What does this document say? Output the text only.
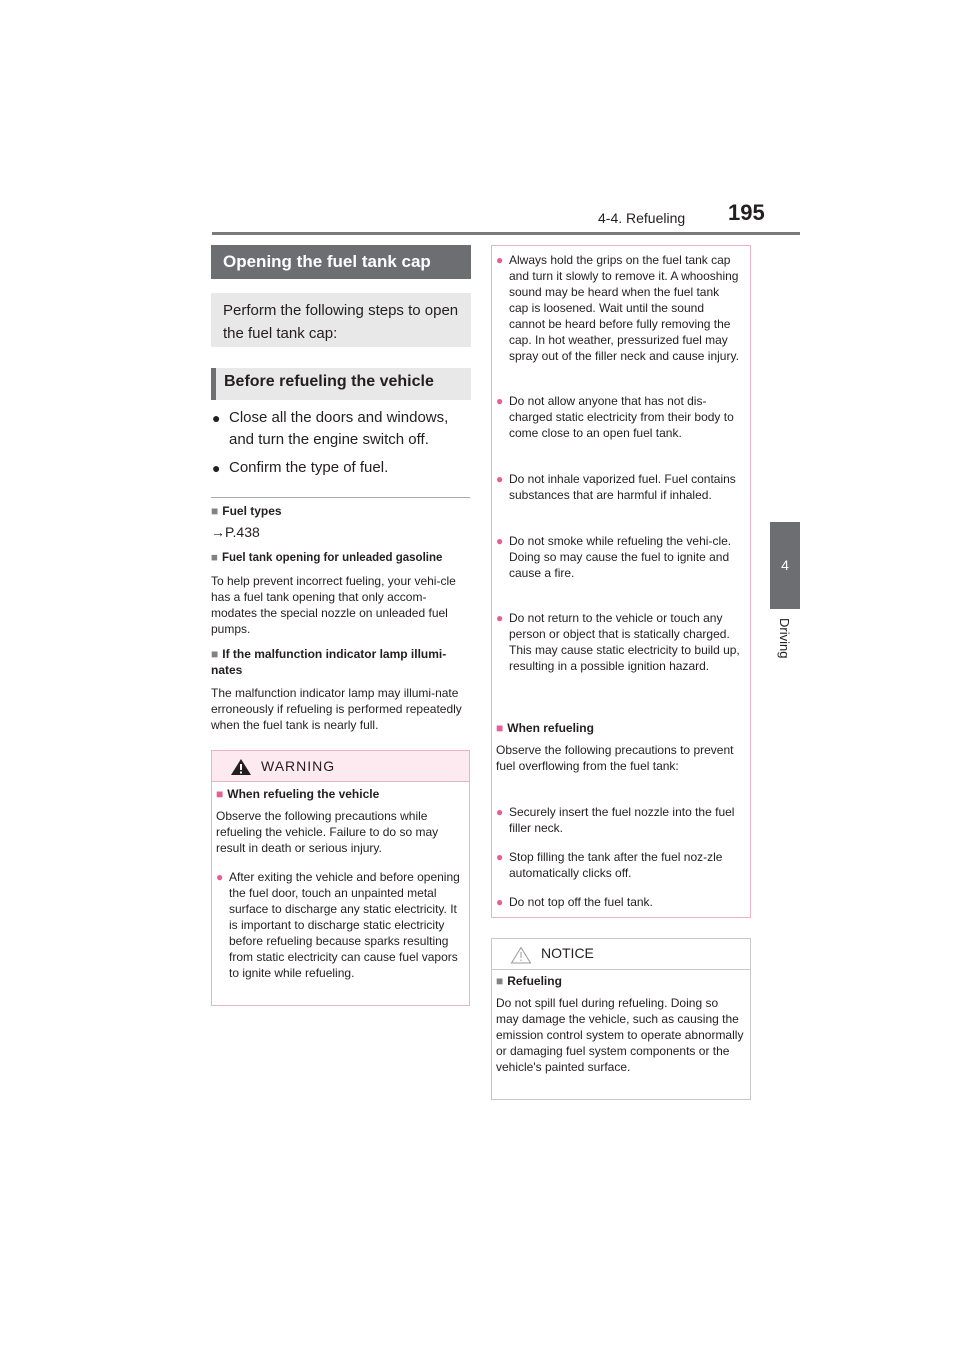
4-4. Refueling 195
4
Driving
Opening the fuel tank cap
Perform the following steps to open the fuel tank cap:
Before refueling the vehicle
● Close all the doors and windows, and turn the engine switch off.
● Confirm the type of fuel.
■ Fuel types
→P.438
■ Fuel tank opening for unleaded gasoline
To help prevent incorrect fueling, your vehi-cle has a fuel tank opening that only accom-modates the special nozzle on unleaded fuel pumps.
■ If the malfunction indicator lamp illumi-nates
The malfunction indicator lamp may illumi-nate erroneously if refueling is performed repeatedly when the fuel tank is nearly full.
WARNING
■ When refueling the vehicle
Observe the following precautions while refueling the vehicle. Failure to do so may result in death or serious injury.
● After exiting the vehicle and before opening the fuel door, touch an unpainted metal surface to discharge any static electricity. It is important to discharge static electricity before refueling because sparks resulting from static electricity can cause fuel vapors to ignite while refueling.
● Always hold the grips on the fuel tank cap and turn it slowly to remove it. A whooshing sound may be heard when the fuel tank cap is loosened. Wait until the sound cannot be heard before fully removing the cap. In hot weather, pressurized fuel may spray out of the filler neck and cause injury.
● Do not allow anyone that has not dis-charged static electricity from their body to come close to an open fuel tank.
● Do not inhale vaporized fuel. Fuel contains substances that are harmful if inhaled.
● Do not smoke while refueling the vehi-cle. Doing so may cause the fuel to ignite and cause a fire.
● Do not return to the vehicle or touch any person or object that is statically charged. This may cause static electricity to build up, resulting in a possible ignition hazard.
■ When refueling
Observe the following precautions to prevent fuel overflowing from the fuel tank:
● Securely insert the fuel nozzle into the fuel filler neck.
● Stop filling the tank after the fuel noz-zle automatically clicks off.
● Do not top off the fuel tank.
NOTICE
■ Refueling
Do not spill fuel during refueling. Doing so may damage the vehicle, such as causing the emission control system to operate abnormally or damaging fuel system components or the vehicle's painted surface.
